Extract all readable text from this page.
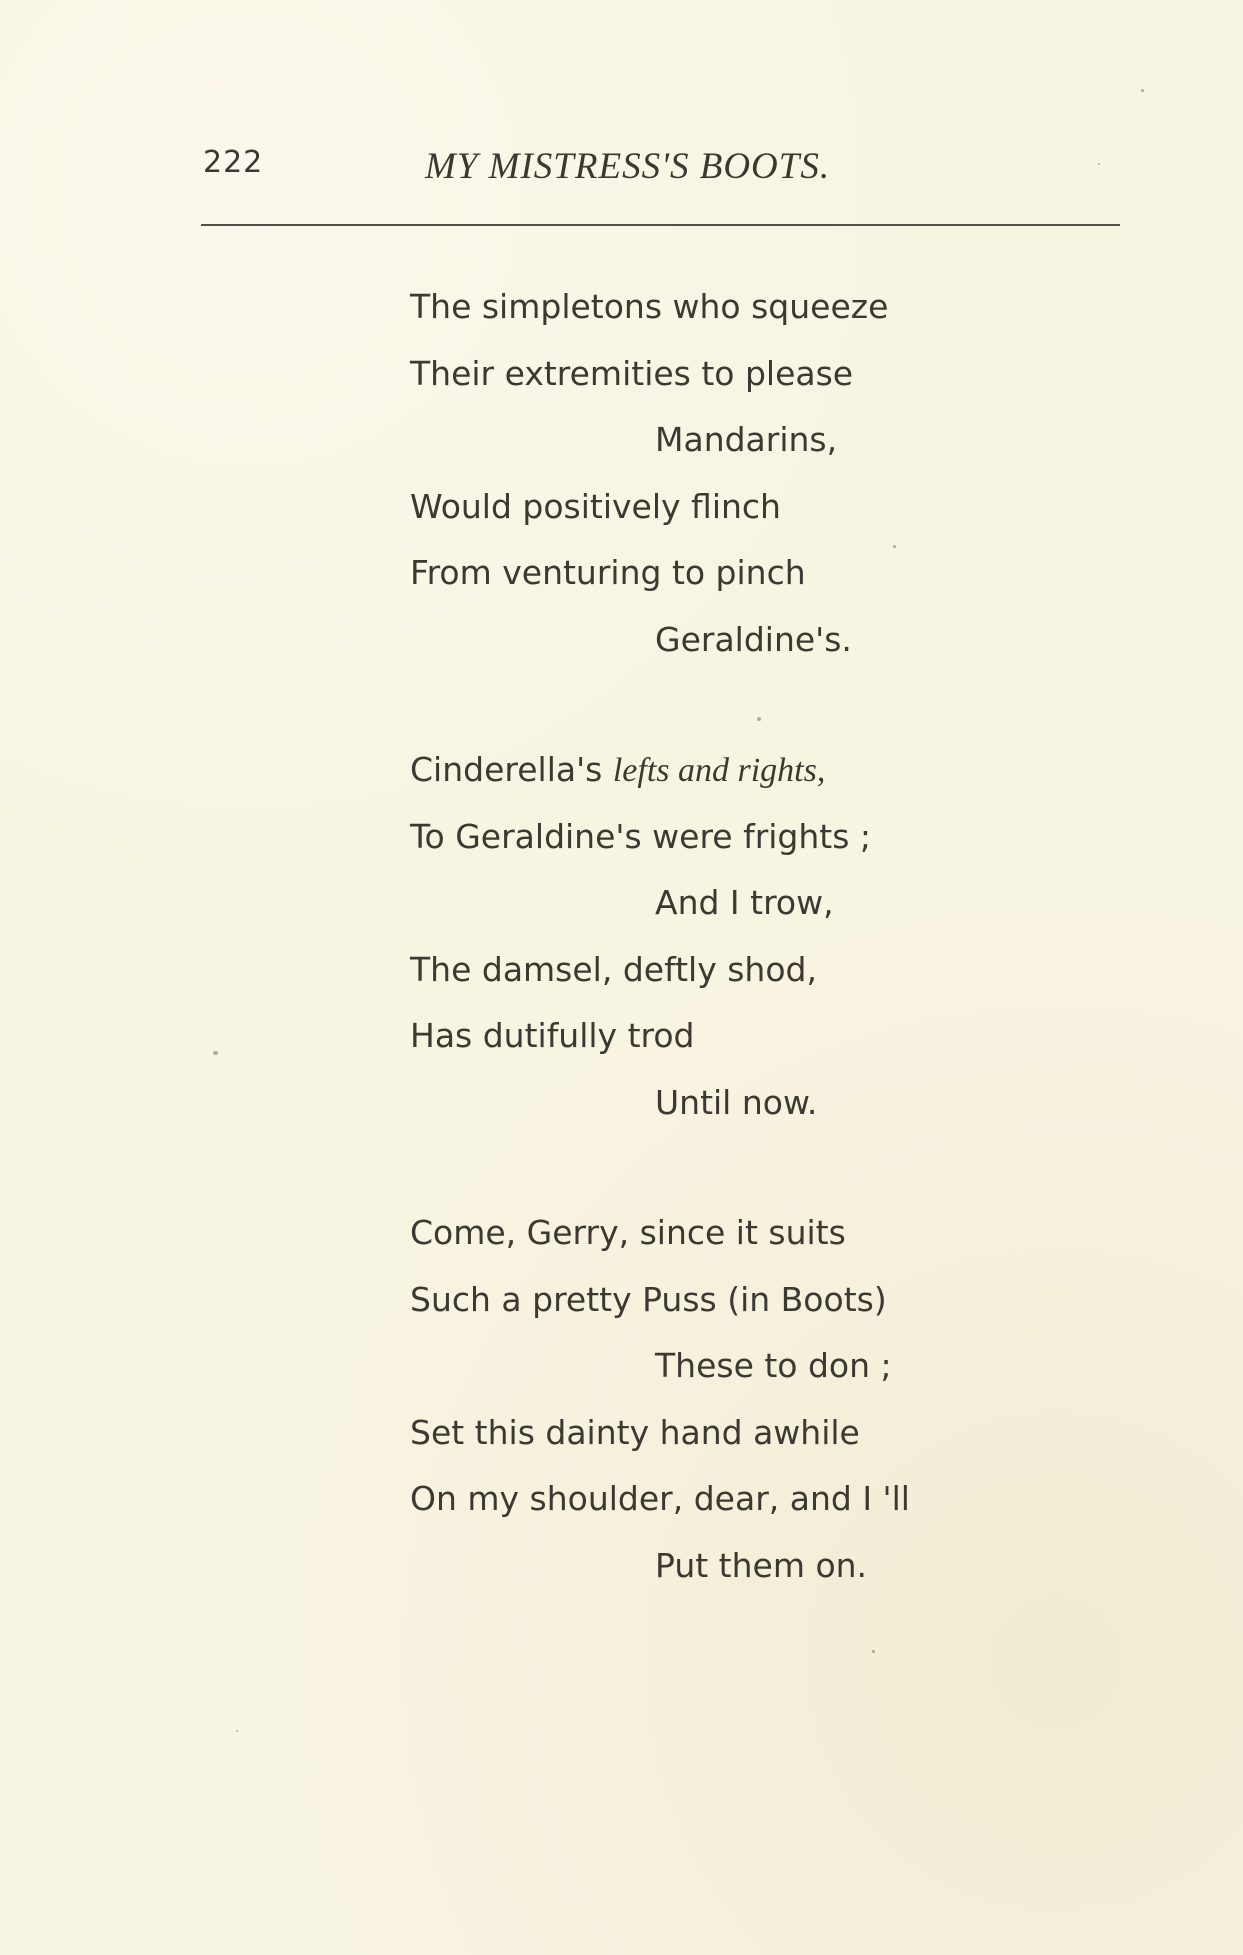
222	MY MISTRESS'S BOOTS.
The simpletons who squeeze
Their extremities to please
Mandarins,
Would positively flinch
From venturing to pinch
Geraldine's.
Cinderella's lefts and rights,
To Geraldine's were frights ;
And I trow,
The damsel, deftly shod,
Has dutifully trod
Until now.
Come, Gerry, since it suits
Such a pretty Puss (in Boots)
These to don ;
Set this dainty hand awhile
On my shoulder, dear, and I 'll
Put them on.
